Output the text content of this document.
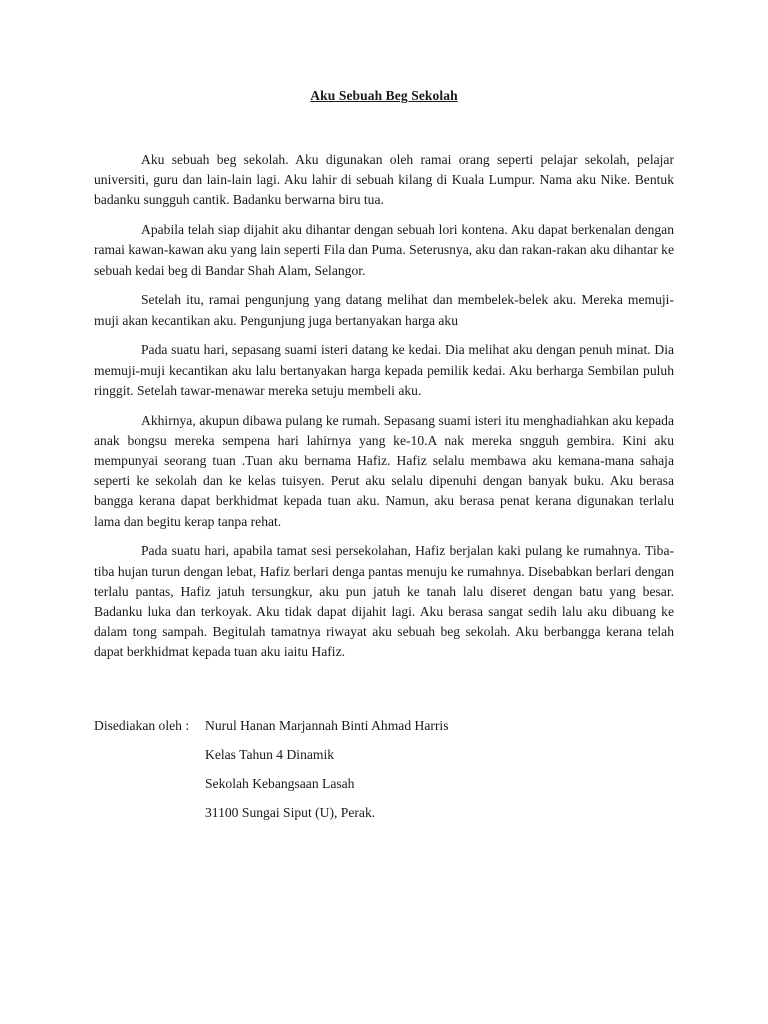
Aku Sebuah Beg Sekolah

Aku sebuah beg sekolah. Aku digunakan oleh ramai orang seperti pelajar sekolah, pelajar universiti, guru dan lain-lain lagi. Aku lahir di sebuah kilang di Kuala Lumpur. Nama aku Nike. Bentuk badanku sungguh cantik. Badanku berwarna biru tua.

Apabila telah siap dijahit aku dihantar dengan sebuah lori kontena. Aku dapat berkenalan dengan ramai kawan-kawan aku yang lain seperti Fila dan Puma. Seterusnya, aku dan rakan-rakan aku dihantar ke sebuah kedai beg di Bandar Shah Alam, Selangor.

Setelah itu, ramai pengunjung yang datang melihat dan membelek-belek aku. Mereka memuji-muji akan kecantikan aku. Pengunjung juga bertanyakan harga aku

Pada suatu hari, sepasang suami isteri datang ke kedai. Dia melihat aku dengan penuh minat. Dia memuji-muji kecantikan aku lalu bertanyakan harga kepada pemilik kedai. Aku berharga Sembilan puluh ringgit. Setelah tawar-menawar mereka setuju membeli aku.

Akhirnya, akupun dibawa pulang ke rumah. Sepasang suami isteri itu menghadiahkan aku kepada anak bongsu mereka sempena hari lahirnya yang ke-10.A nak mereka sngguh gembira. Kini aku mempunyai seorang tuan .Tuan aku bernama Hafiz. Hafiz selalu membawa aku kemana-mana sahaja seperti ke sekolah dan ke kelas tuisyen. Perut aku selalu dipenuhi dengan banyak buku. Aku berasa bangga kerana dapat berkhidmat kepada tuan aku. Namun, aku berasa penat kerana digunakan terlalu lama dan begitu kerap tanpa rehat.

Pada suatu hari, apabila tamat sesi persekolahan, Hafiz berjalan kaki pulang ke rumahnya. Tiba-tiba hujan turun dengan lebat, Hafiz berlari denga pantas menuju ke rumahnya. Disebabkan berlari dengan terlalu pantas, Hafiz jatuh tersungkur, aku pun jatuh ke tanah lalu diseret dengan batu yang besar. Badanku luka dan terkoyak. Aku tidak dapat dijahit lagi. Aku berasa sangat sedih lalu aku dibuang ke dalam tong sampah. Begitulah tamatnya riwayat aku sebuah beg sekolah. Aku berbangga kerana telah dapat berkhidmat kepada tuan aku iaitu Hafiz.

Disediakan oleh : Nurul Hanan Marjannah Binti Ahmad Harris
Kelas Tahun 4 Dinamik
Sekolah Kebangsaan Lasah
31100 Sungai Siput (U), Perak.
